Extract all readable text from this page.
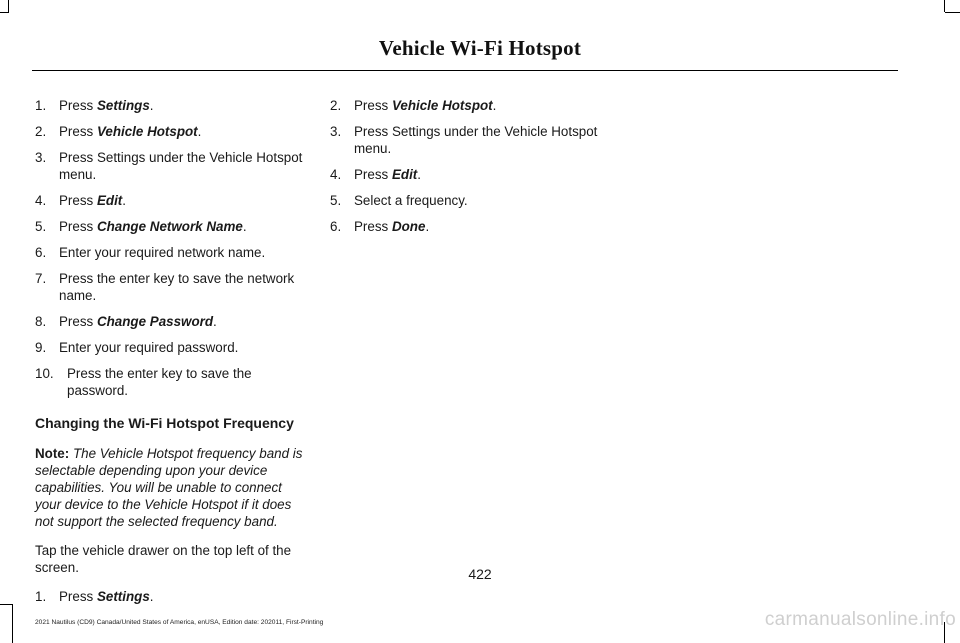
Vehicle Wi-Fi Hotspot
1. Press Settings.
2. Press Vehicle Hotspot.
3. Press Settings under the Vehicle Hotspot menu.
4. Press Edit.
5. Press Change Network Name.
6. Enter your required network name.
7. Press the enter key to save the network name.
8. Press Change Password.
9. Enter your required password.
10. Press the enter key to save the password.
Changing the Wi-Fi Hotspot Frequency
Note: The Vehicle Hotspot frequency band is selectable depending upon your device capabilities. You will be unable to connect your device to the Vehicle Hotspot if it does not support the selected frequency band.
Tap the vehicle drawer on the top left of the screen.
1. Press Settings.
2. Press Vehicle Hotspot.
3. Press Settings under the Vehicle Hotspot menu.
4. Press Edit.
5. Select a frequency.
6. Press Done.
422
2021 Nautilus (CD9) Canada/United States of America, enUSA, Edition date: 202011, First-Printing	carmanualsonline.info
